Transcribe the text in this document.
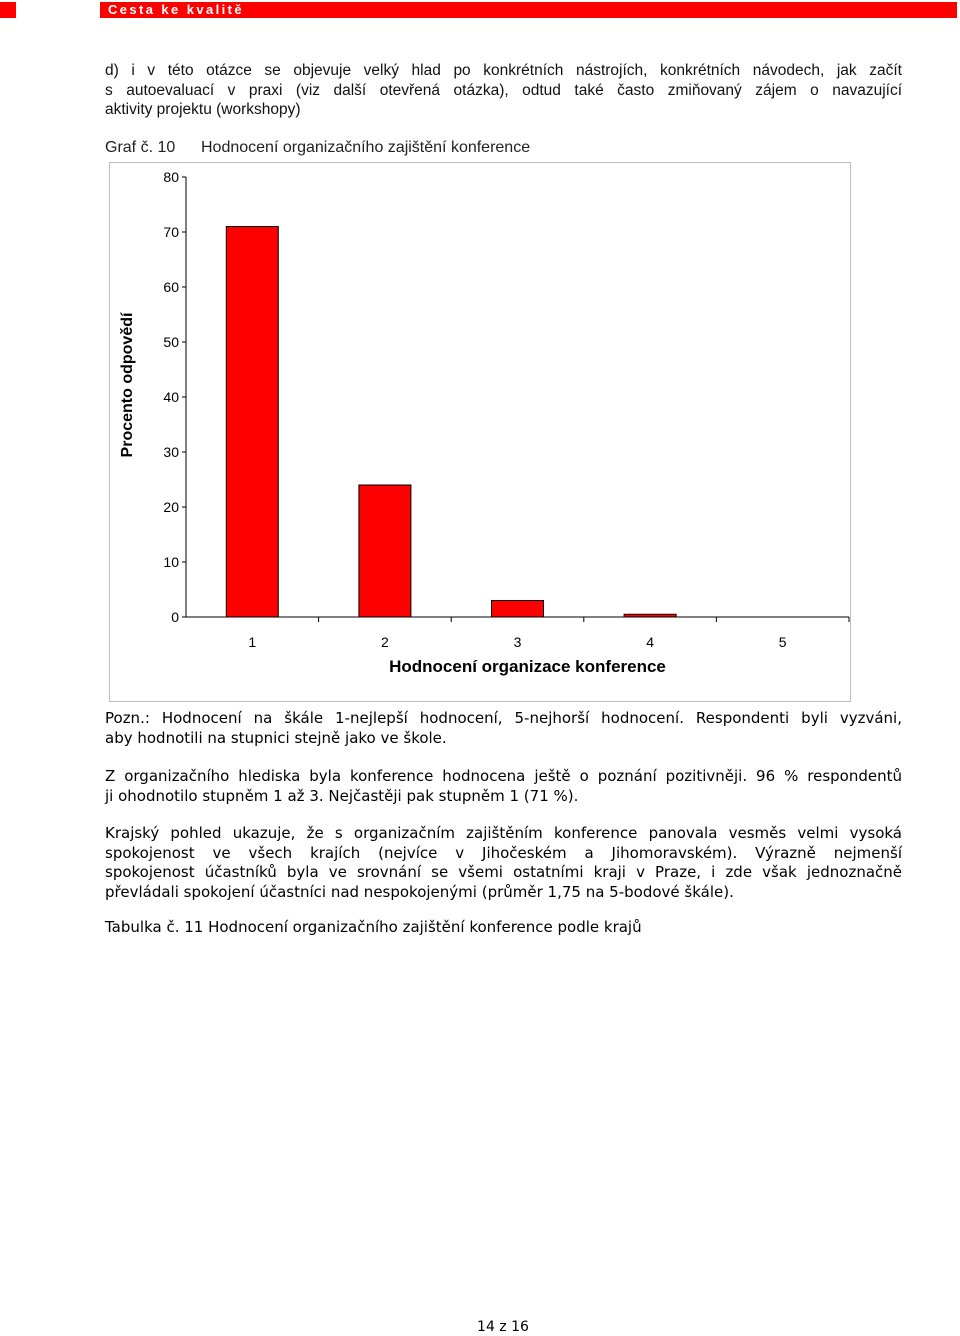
Cesta ke kvalitě
d) i v této otázce se objevuje velký hlad po konkrétních nástrojích, konkrétních návodech, jak začít
s autoevaluací v praxi (viz další otevřená otázka), odtud také často zmiňovaný zájem o navazující
aktivity projektu (workshopy)
Graf č. 10 Hodnocení organizačního zajištění konference
0
10
20
30
40
50
60
70
80
1	2	3	4	5
Hodnocení organizace konference
Procento odpovědí
Pozn.: Hodnocení na škále 1-nejlepší hodnocení, 5-nejhorší hodnocení. Respondenti byli vyzváni,
aby hodnotili na stupnici stejně jako ve škole.
Z organizačního hlediska byla konference hodnocena ještě o poznání pozitivněji. 96 % respondentů
ji ohodnotilo stupněm 1 až 3. Nejčastěji pak stupněm 1 (71 %).
Krajský pohled ukazuje, že s organizačním zajištěním konference panovala vesměs velmi vysoká
spokojenost ve všech krajích (nejvíce v Jihočeském a Jihomoravském). Výrazně nejmenší
spokojenost účastníků byla ve srovnání se všemi ostatními kraji v Praze, i zde však jednoznačně
převládali spokojení účastníci nad nespokojenými (průměr 1,75 na 5-bodové škále).
Tabulka č. 11 Hodnocení organizačního zajištění konference podle krajů
14 z 16
